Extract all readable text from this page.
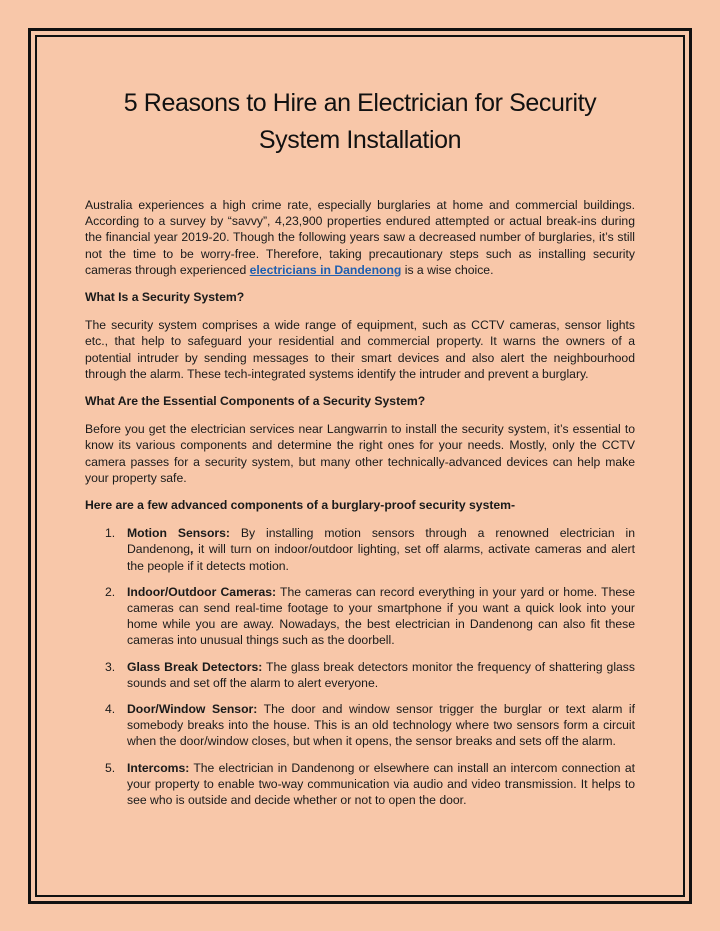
5 Reasons to Hire an Electrician for Security
System Installation

Australia experiences a high crime rate, especially burglaries at home and commercial buildings. According to a survey by “savvy”, 4,23,900 properties endured attempted or actual break-ins during the financial year 2019-20. Though the following years saw a decreased number of burglaries, it’s still not the time to be worry-free. Therefore, taking precautionary steps such as installing security cameras through experienced electricians in Dandenong is a wise choice.

What Is a Security System?

The security system comprises a wide range of equipment, such as CCTV cameras, sensor lights etc., that help to safeguard your residential and commercial property. It warns the owners of a potential intruder by sending messages to their smart devices and also alert the neighbourhood through the alarm. These tech-integrated systems identify the intruder and prevent a burglary.

What Are the Essential Components of a Security System?

Before you get the electrician services near Langwarrin to install the security system, it’s essential to know its various components and determine the right ones for your needs. Mostly, only the CCTV camera passes for a security system, but many other technically-advanced devices can help make your property safe.

Here are a few advanced components of a burglary-proof security system-

1. Motion Sensors: By installing motion sensors through a renowned electrician in Dandenong, it will turn on indoor/outdoor lighting, set off alarms, activate cameras and alert the people if it detects motion.
2. Indoor/Outdoor Cameras: The cameras can record everything in your yard or home. These cameras can send real-time footage to your smartphone if you want a quick look into your home while you are away. Nowadays, the best electrician in Dandenong can also fit these cameras into unusual things such as the doorbell.
3. Glass Break Detectors: The glass break detectors monitor the frequency of shattering glass sounds and set off the alarm to alert everyone.
4. Door/Window Sensor: The door and window sensor trigger the burglar or text alarm if somebody breaks into the house. This is an old technology where two sensors form a circuit when the door/window closes, but when it opens, the sensor breaks and sets off the alarm.
5. Intercoms: The electrician in Dandenong or elsewhere can install an intercom connection at your property to enable two-way communication via audio and video transmission. It helps to see who is outside and decide whether or not to open the door.
